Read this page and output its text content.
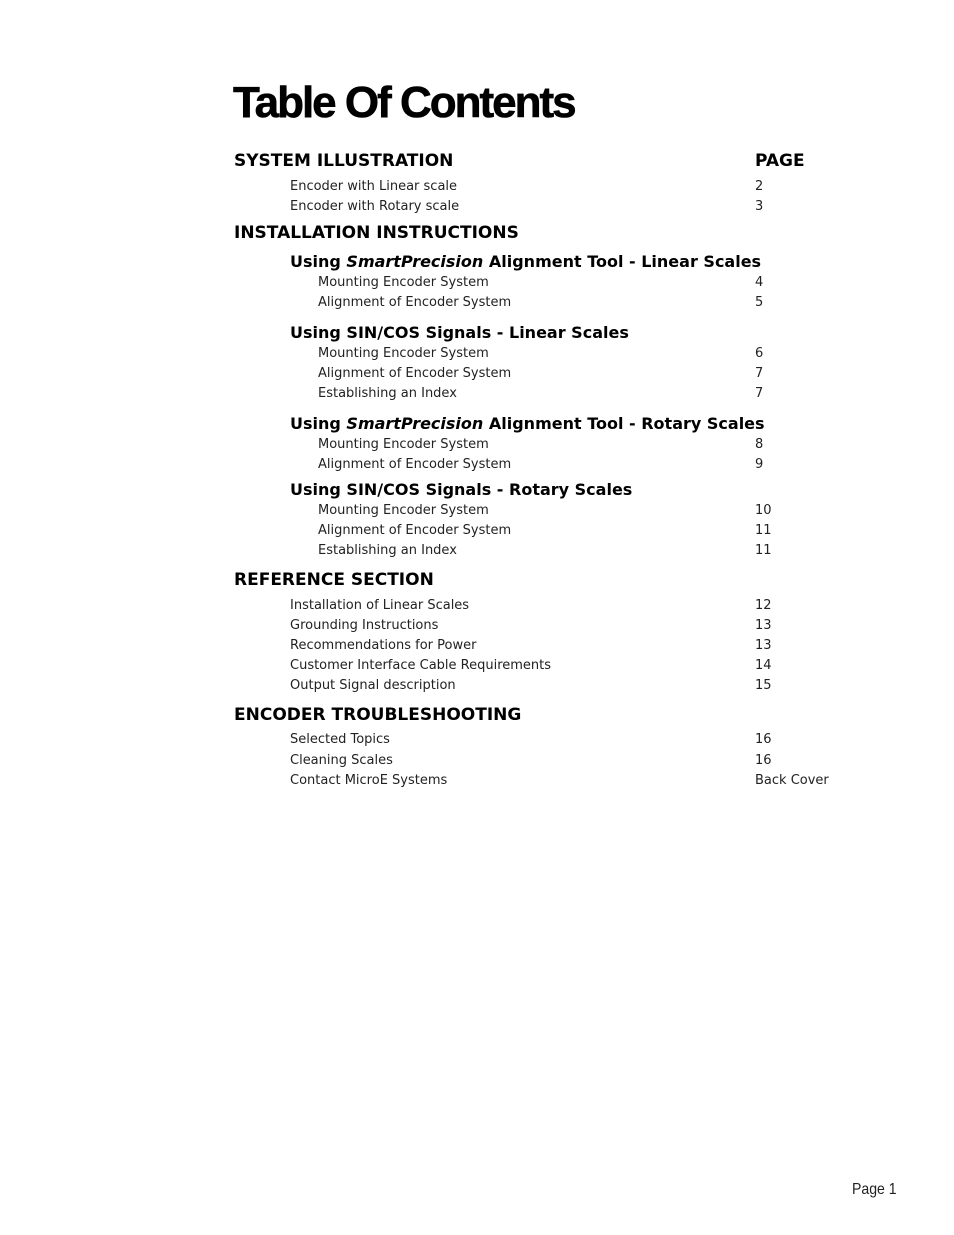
Table Of Contents
SYSTEM ILLUSTRATION	PAGE
Encoder with Linear scale	2
Encoder with Rotary scale	3
INSTALLATION INSTRUCTIONS
Using SmartPrecision Alignment Tool - Linear Scales
Mounting Encoder System	4
Alignment of Encoder System	5
Using SIN/COS Signals - Linear Scales
Mounting Encoder System	6
Alignment of Encoder System	7
Establishing an Index	7
Using SmartPrecision Alignment Tool - Rotary Scales
Mounting Encoder System	8
Alignment of Encoder System	9
Using SIN/COS Signals - Rotary Scales
Mounting Encoder System	10
Alignment of Encoder System	11
Establishing an Index	11
REFERENCE SECTION
Installation of Linear Scales	12
Grounding Instructions	13
Recommendations for Power	13
Customer Interface Cable Requirements	14
Output Signal description	15
ENCODER TROUBLESHOOTING
Selected Topics	16
Cleaning Scales	16
Contact MicroE Systems	Back Cover
Page 1
